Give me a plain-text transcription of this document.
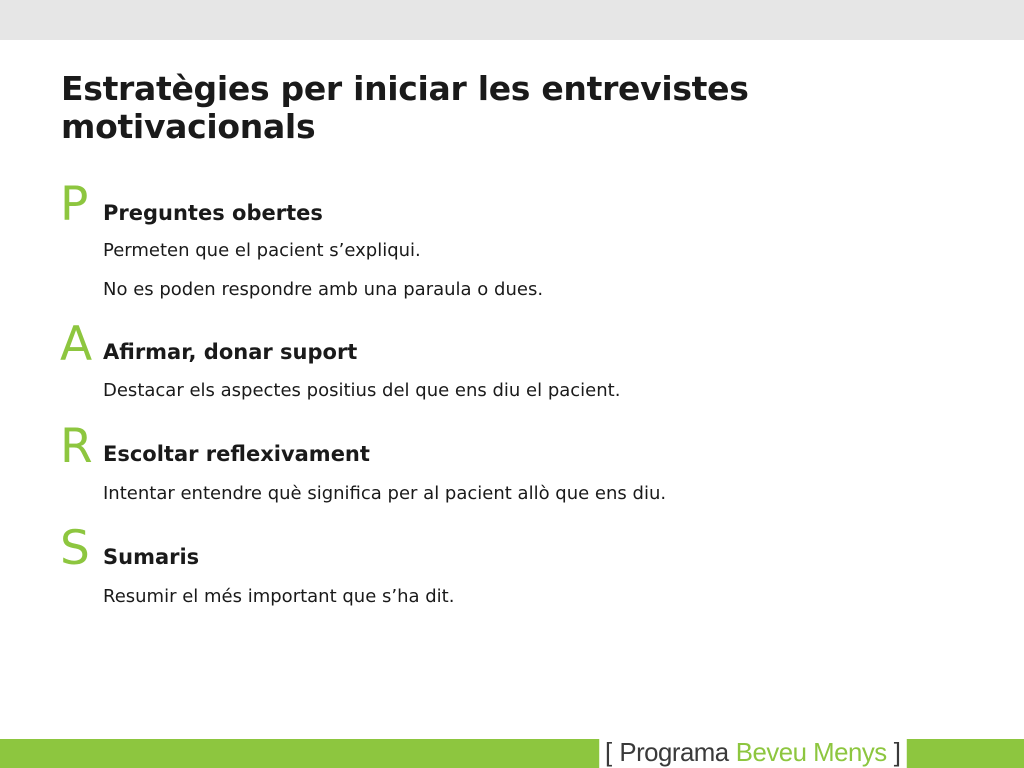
Estratègies per iniciar les entrevistes
motivacionals
P Preguntes obertes
Permeten que el pacient s’expliqui.
No es poden respondre amb una paraula o dues.
A Afirmar, donar suport
Destacar els aspectes positius del que ens diu el pacient.
R Escoltar reflexivament
Intentar entendre què significa per al pacient allò que ens diu.
S Sumaris
Resumir el més important que s’ha dit.
[
Programa
Beveu Menys
]
